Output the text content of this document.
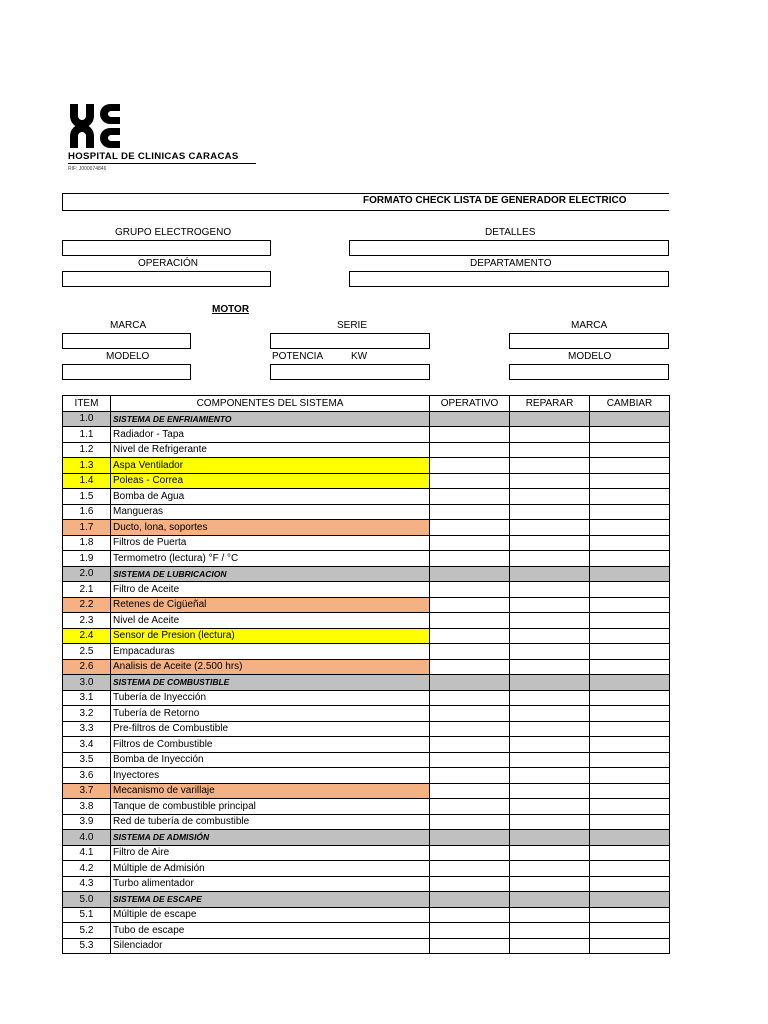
HOSPITAL DE CLINICAS CARACAS
RIF: J000074846
FORMATO CHECK LISTA DE GENERADOR ELECTRICO
GRUPO ELECTROGENO	DETALLES
OPERACIÓN	DEPARTAMENTO
MOTOR
MARCA	SERIE	MARCA
MODELO	POTENCIA	KW	MODELO
ITEM	COMPONENTES DEL SISTEMA	OPERATIVO	REPARAR	CAMBIAR
1.0	SISTEMA DE ENFRIAMIENTO			
1.1	Radiador - Tapa			
1.2	Nivel de Refrigerante			
1.3	Aspa Ventilador			
1.4	Poleas - Correa			
1.5	Bomba de Agua			
1.6	Mangueras			
1.7	Ducto, lona, soportes			
1.8	Filtros de Puerta			
1.9	Termometro (lectura) °F / °C			
2.0	SISTEMA DE LUBRICACION			
2.1	Filtro de Aceite			
2.2	Retenes de Cigüeñal			
2.3	Nivel de Aceite			
2.4	Sensor de Presion (lectura)			
2.5	Empacaduras			
2.6	Analisis de Aceite (2.500 hrs)			
3.0	SISTEMA DE COMBUSTIBLE			
3.1	Tubería de Inyección			
3.2	Tubería de Retorno			
3.3	Pre-filtros de Combustible			
3.4	Filtros de Combustible			
3.5	Bomba de Inyección			
3.6	Inyectores			
3.7	Mecanismo de varillaje			
3.8	Tanque de combustible principal			
3.9	Red de tubería de combustible			
4.0	SISTEMA DE ADMISIÓN			
4.1	Filtro de Aire			
4.2	Múltiple de Admisión			
4.3	Turbo alimentador			
5.0	SISTEMA DE ESCAPE			
5.1	Múltiple de escape			
5.2	Tubo de escape			
5.3	Silenciador			
